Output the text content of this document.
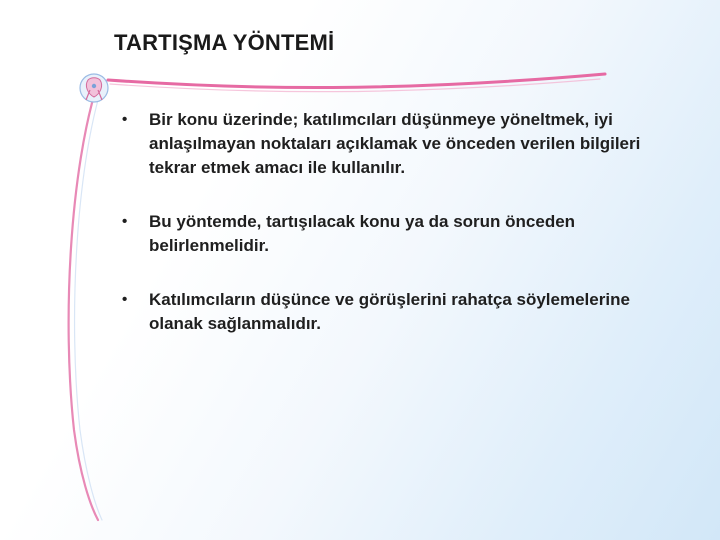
TARTIŞMA YÖNTEMİ
• Bir konu üzerinde; katılımcıları düşünmeye yöneltmek, iyi anlaşılmayan noktaları açıklamak ve önceden verilen bilgileri tekrar etmek amacı ile kullanılır.
• Bu yöntemde, tartışılacak konu ya da sorun önceden belirlenmelidir.
• Katılımcıların düşünce ve görüşlerini rahatça söylemelerine olanak sağlanmalıdır.
